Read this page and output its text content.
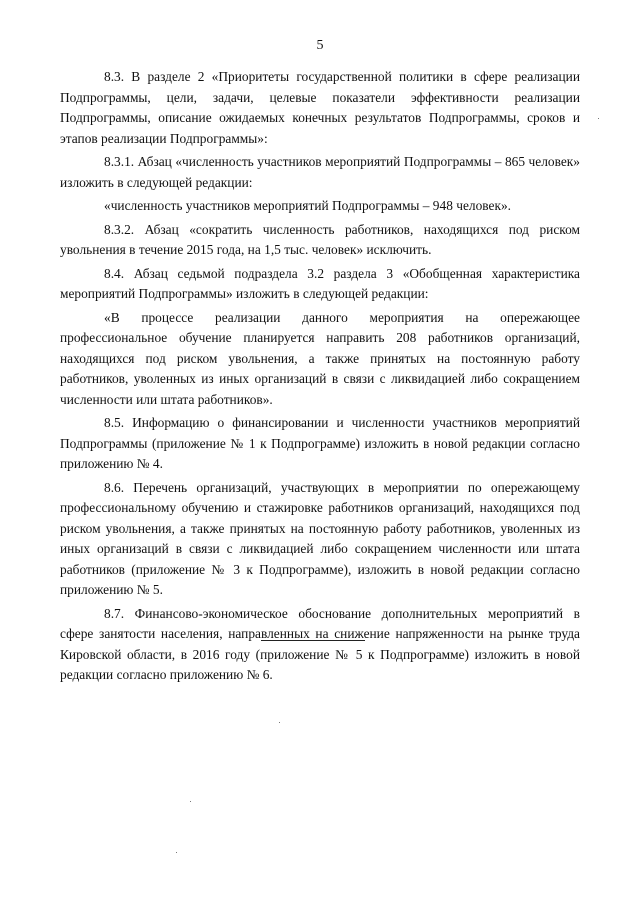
5

8.3. В разделе 2 «Приоритеты государственной политики в сфере реализации Подпрограммы, цели, задачи, целевые показатели эффективности реализации Подпрограммы, описание ожидаемых конечных результатов Подпрограммы, сроков и этапов реализации Подпрограммы»:

8.3.1. Абзац «численность участников мероприятий Подпрограммы – 865 человек» изложить в следующей редакции:

«численность участников мероприятий Подпрограммы – 948 человек».

8.3.2. Абзац «сократить численность работников, находящихся под риском увольнения в течение 2015 года, на 1,5 тыс. человек» исключить.

8.4. Абзац седьмой подраздела 3.2 раздела 3 «Обобщенная характеристика мероприятий Подпрограммы» изложить в следующей редакции:

«В процессе реализации данного мероприятия на опережающее профессиональное обучение планируется направить 208 работников организаций, находящихся под риском увольнения, а также принятых на постоянную работу работников, уволенных из иных организаций в связи с ликвидацией либо сокращением численности или штата работников».

8.5. Информацию о финансировании и численности участников мероприятий Подпрограммы (приложение № 1 к Подпрограмме) изложить в новой редакции согласно приложению № 4.

8.6. Перечень организаций, участвующих в мероприятии по опережающему профессиональному обучению и стажировке работников организаций, находящихся под риском увольнения, а также принятых на постоянную работу работников, уволенных из иных организаций в связи с ликвидацией либо сокращением численности или штата работников (приложение № 3 к Подпрограмме), изложить в новой редакции согласно приложению № 5.

8.7. Финансово-экономическое обоснование дополнительных мероприятий в сфере занятости населения, направленных на снижение напряженности на рынке труда Кировской области, в 2016 году (приложение № 5 к Подпрограмме) изложить в новой редакции согласно приложению № 6.
